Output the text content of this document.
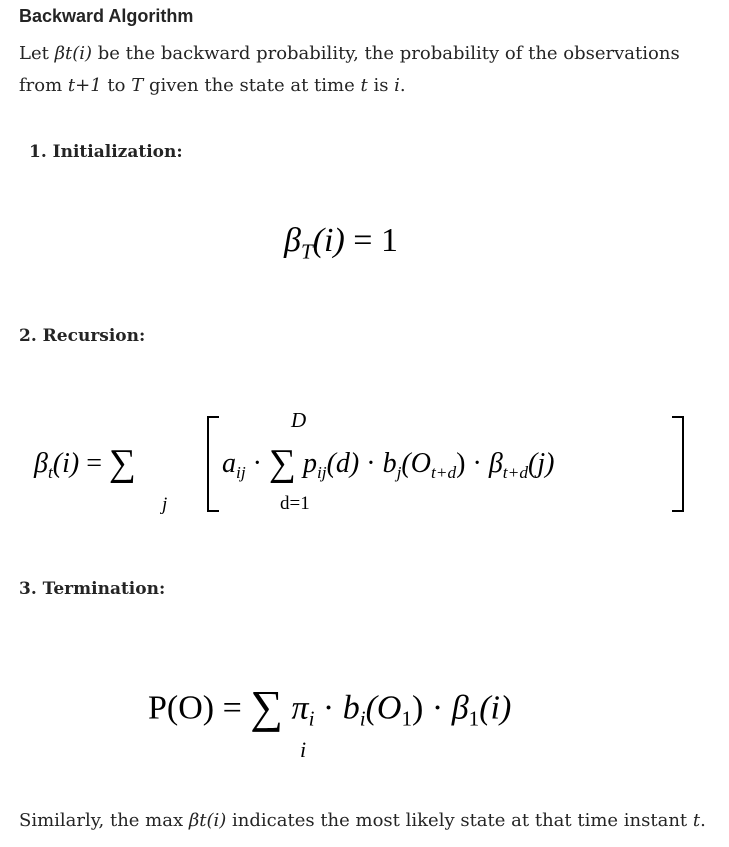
Backward Algorithm
Let βt(i) be the backward probability, the probability of the observations
from t+1 to T given the state at time t is i.
1. Initialization:
$\beta_T(i) = 1$
2. Recursion:
$\beta_t(i)$ = ∑
j
$a_{ij}$ · ∑ $p_{ij}(d) \cdot b_j(O_{t+d}) \cdot \beta_{t+d}(j)$
D
d=1
3. Termination:
P(O) = ∑ $\pi_i \cdot b_i(O_1) \cdot \beta_1(i)$
i
Similarly, the max βt(i) indicates the most likely state at that time instant t.
